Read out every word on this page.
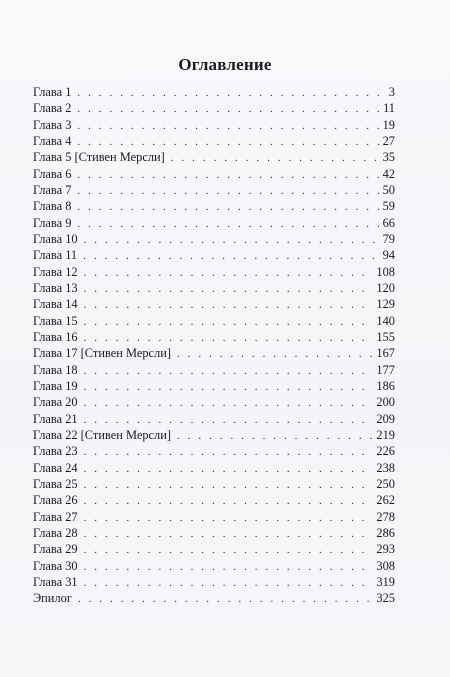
Оглавление
Глава 1 . . .	3
Глава 2 . . .	11
Глава 3 . . .	19
Глава 4 . . .	27
Глава 5 [Стивен Мерсли] . . .	35
Глава 6 . . .	42
Глава 7 . . .	50
Глава 8 . . .	59
Глава 9 . . .	66
Глава 10 . . .	79
Глава 11 . . .	94
Глава 12 . . .	108
Глава 13 . . .	120
Глава 14 . . .	129
Глава 15 . . .	140
Глава 16 . . .	155
Глава 17 [Стивен Мерсли] . . .	167
Глава 18 . . .	177
Глава 19 . . .	186
Глава 20 . . .	200
Глава 21 . . .	209
Глава 22 [Стивен Мерсли] . . .	219
Глава 23 . . .	226
Глава 24 . . .	238
Глава 25 . . .	250
Глава 26 . . .	262
Глава 27 . . .	278
Глава 28 . . .	286
Глава 29 . . .	293
Глава 30 . . .	308
Глава 31 . . .	319
Эпилог . . .	325
